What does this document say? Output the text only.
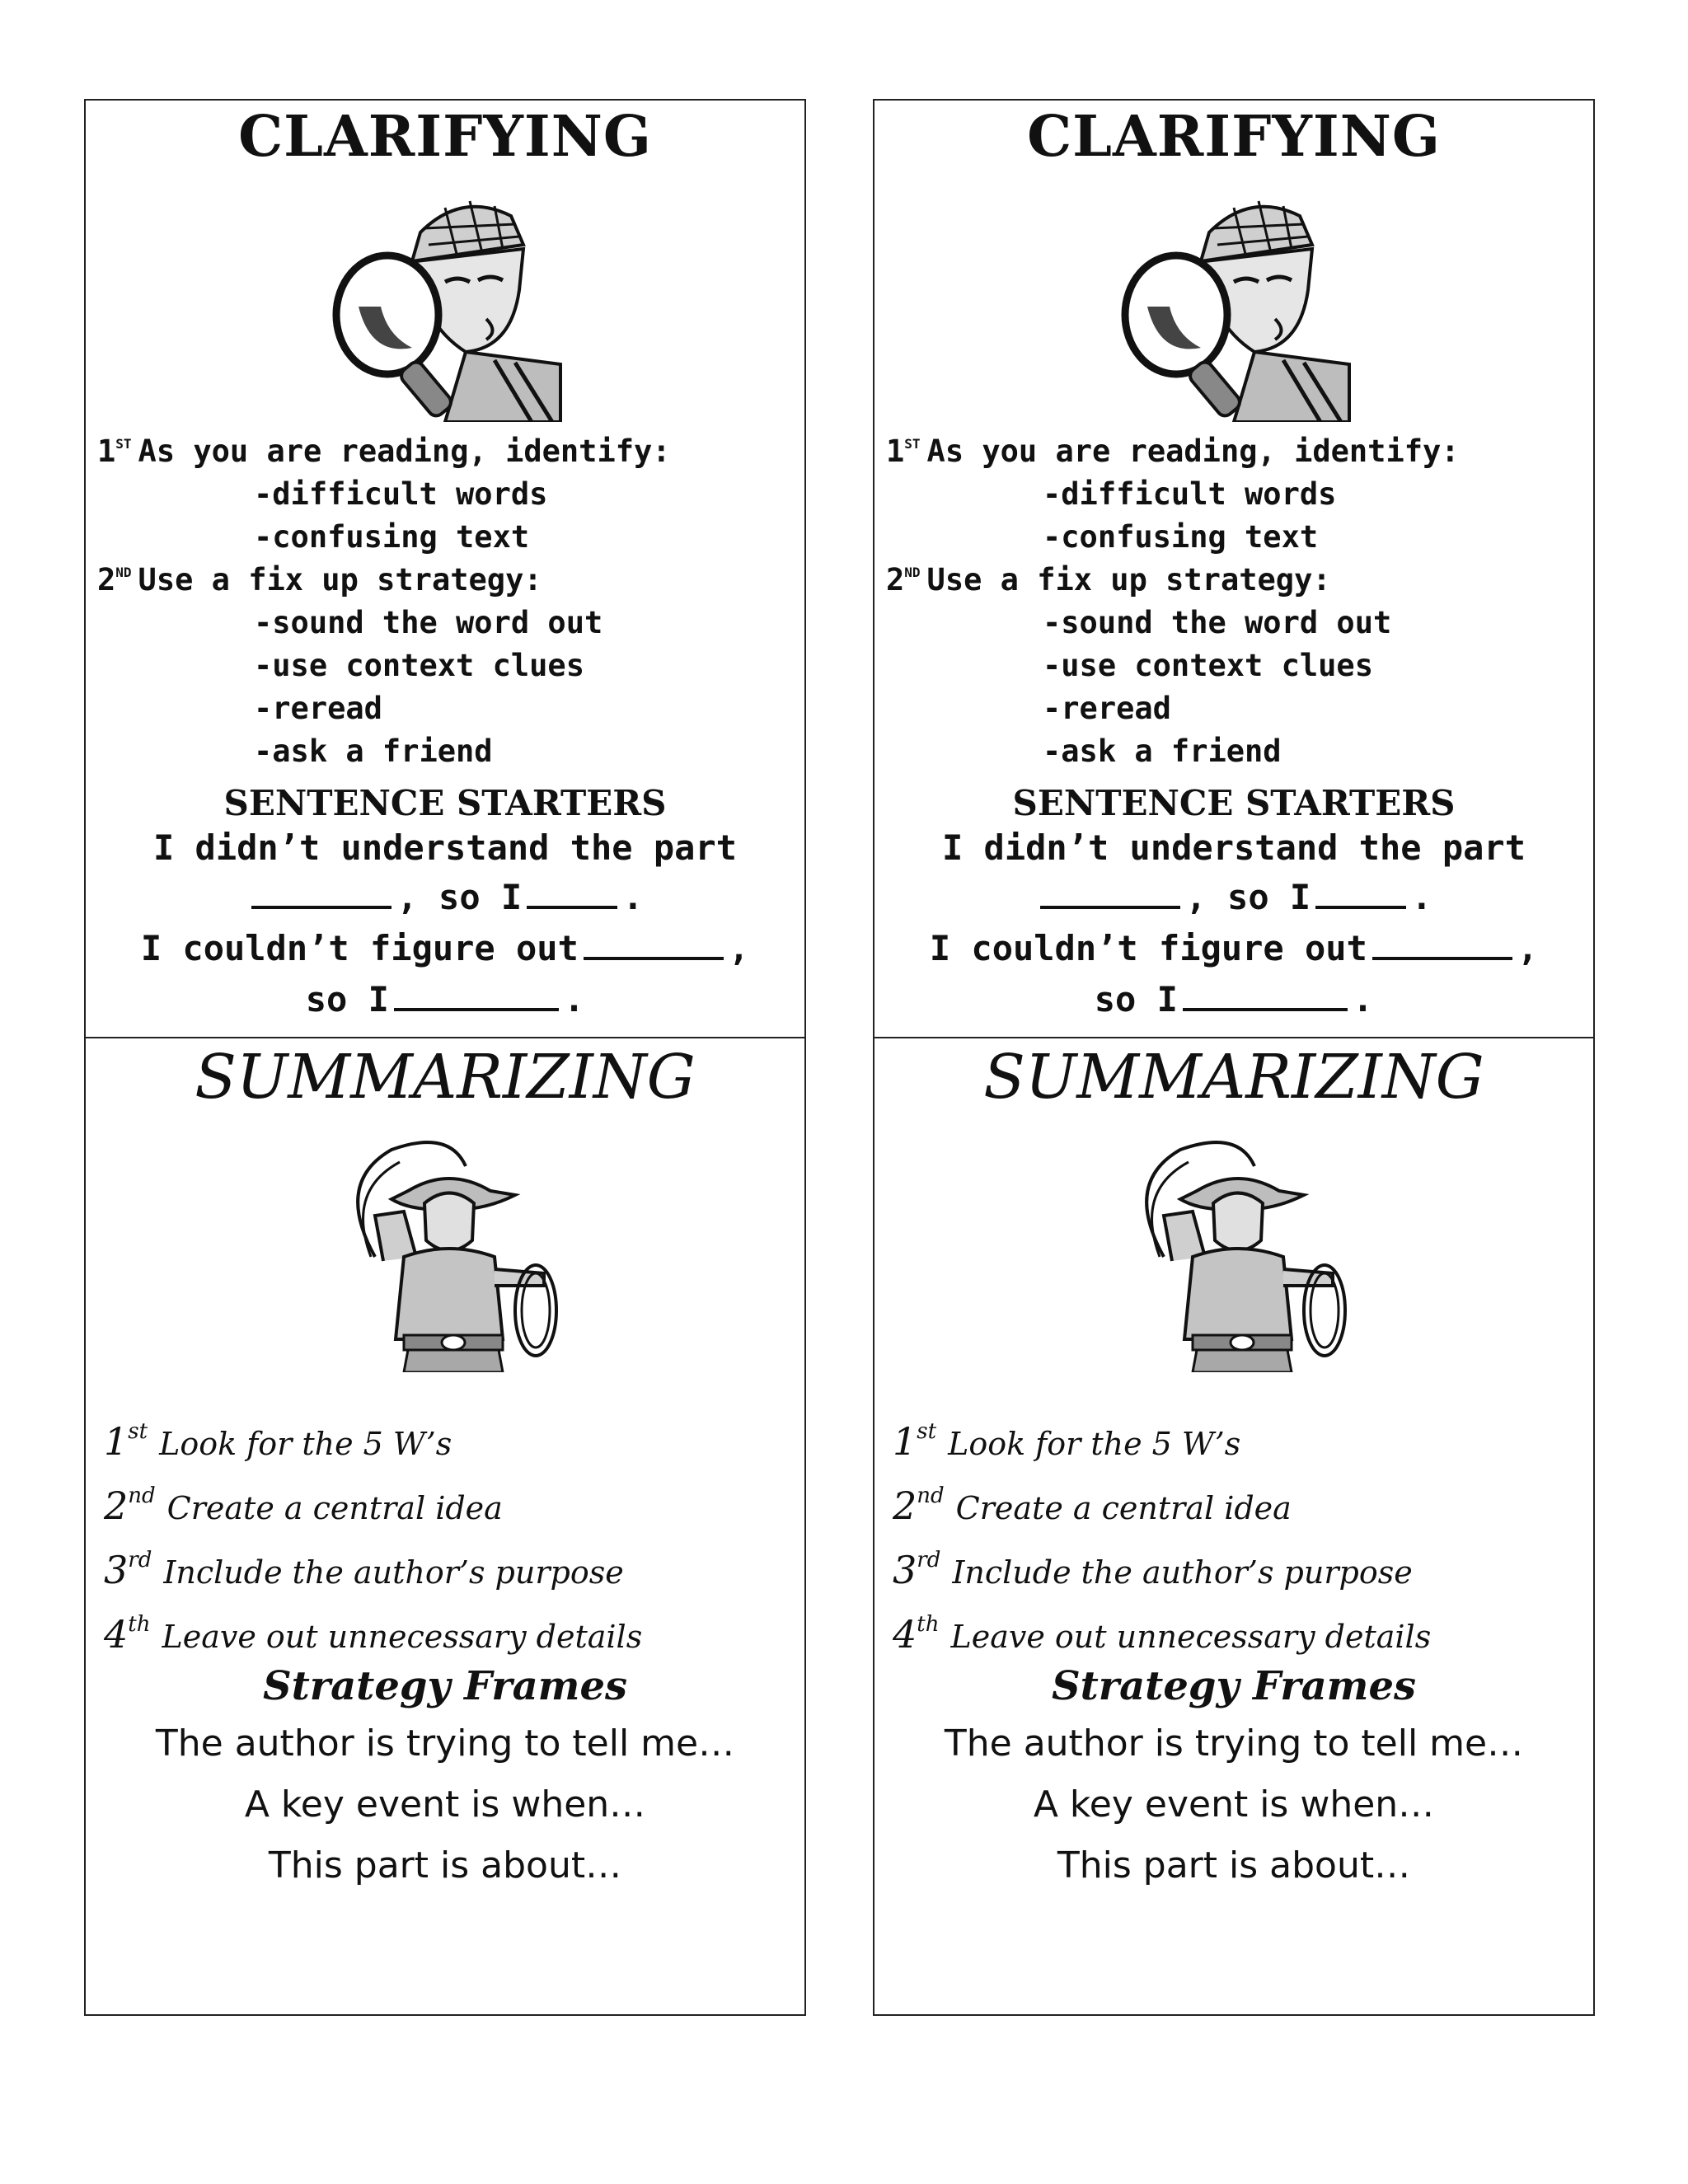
CLARIFYING
1ST As you are reading, identify:
-difficult words
-confusing text
2ND Use a fix up strategy:
-sound the word out
-use context clues
-reread
-ask a friend
SENTENCE STARTERS
I didn’t understand the part
, so I	.
I couldn’t figure out	,
so I	.
SUMMARIZING
1st Look for the 5 W’s
2nd Create a central idea
3rd Include the author’s purpose
4th Leave out unnecessary details
Strategy Frames
The author is trying to tell me…
A key event is when…
This part is about…
CLARIFYING
1ST As you are reading, identify:
-difficult words
-confusing text
2ND Use a fix up strategy:
-sound the word out
-use context clues
-reread
-ask a friend
SENTENCE STARTERS
I didn’t understand the part
, so I	.
I couldn’t figure out	,
so I	.
SUMMARIZING
1st Look for the 5 W’s
2nd Create a central idea
3rd Include the author’s purpose
4th Leave out unnecessary details
Strategy Frames
The author is trying to tell me…
A key event is when…
This part is about…
